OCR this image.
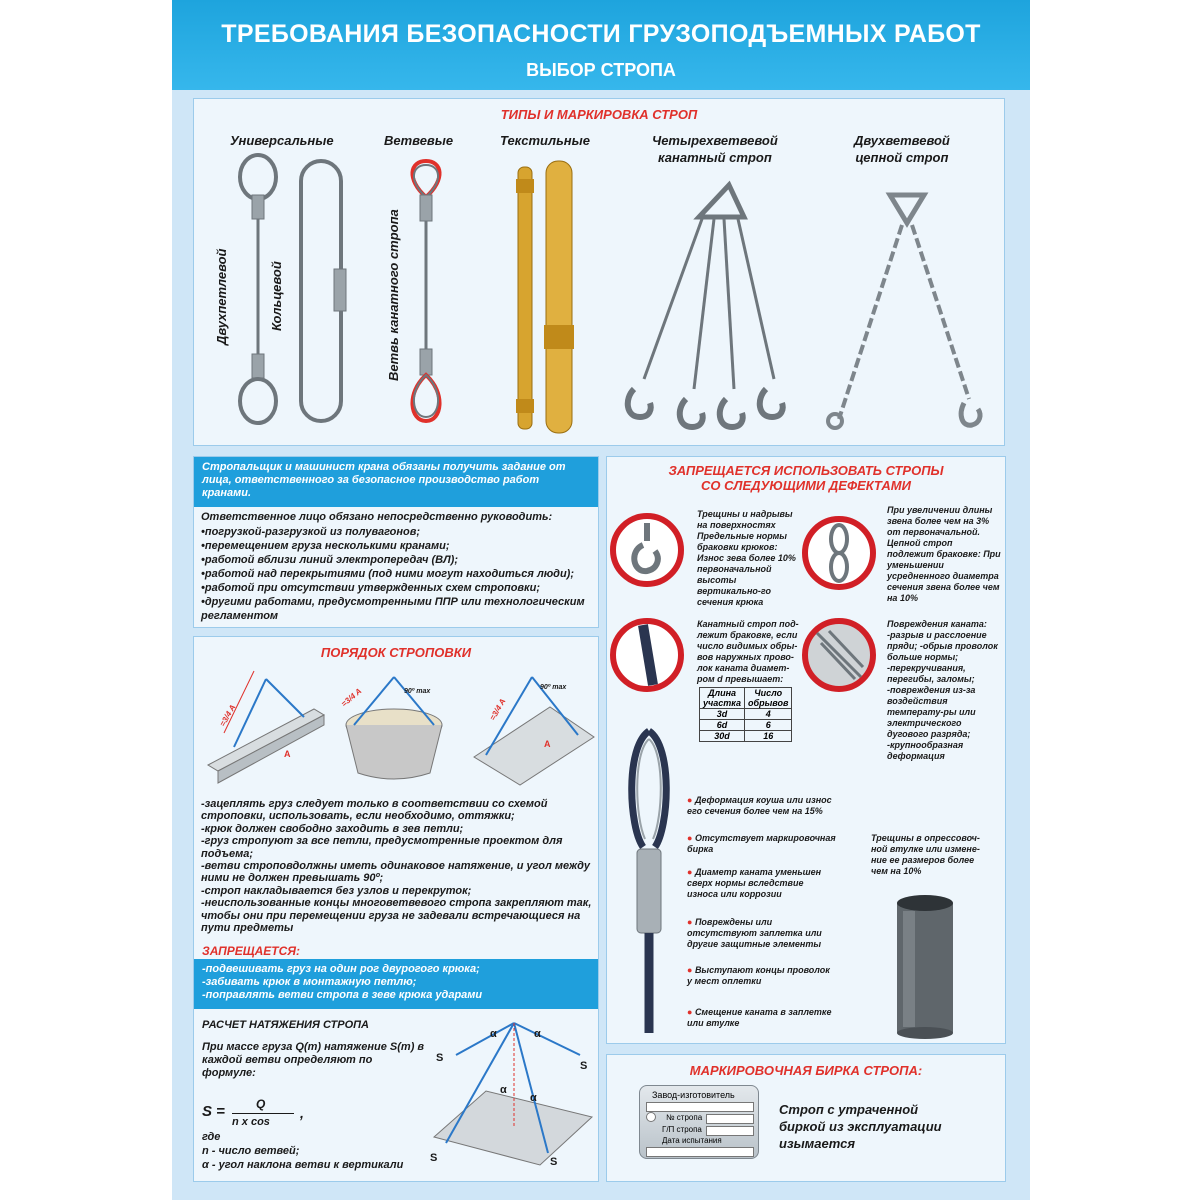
ТРЕБОВАНИЯ БЕЗОПАСНОСТИ ГРУЗОПОДЪЕМНЫХ РАБОТ
ВЫБОР СТРОПА
ТИПЫ И МАРКИРОВКА СТРОП
Универсальные	Ветвевые	Текстильные	Четырехветвевой
канатный строп
Двухветвевой
цепной строп
Двухпетлевой	Кольцевой	Ветвь канатного стропа
Стропальщик и машинист крана обязаны получить задание от лица, ответственного за безопасное производство работ кранами.
Ответственное лицо обязано непосредственно руководить:
•погрузкой-разгрузкой из полувагонов;
•перемещением груза несколькими кранами;
•работой вблизи линий электропередач (ВЛ);
•работой над перекрытиями (под ними могут находиться люди);
•работой при отсутствии утвержденных схем строповки;
•другими работами, предусмотренными ППР или технологическим регламентом
ПОРЯДОК СТРОПОВКИ
=3/4 A
A
90º max
=3/4 A	90º max
=3/4 A
A
-зацеплять груз следует только в соответствии со схемой строповки, использовать, если необходимо, оттяжки;
-крюк должен свободно заходить в зев петли;
-груз стропуют за все петли, предусмотренные проектом для подъема;
-ветви строповдолжны иметь одинаковое натяжение, и угол между ними не должен превышать 90º;
-строп накладывается без узлов и перекруток;
-неиспользованные концы многоветвевого стропа закрепляют так, чтобы они при перемещении груза не задевали встречающиеся на пути предметы
ЗАПРЕЩАЕТСЯ:
-подвешивать груз на один рог двурогого крюка;
-забивать крюк в монтажную петлю;
-поправлять ветви стропа в зеве крюка ударами
РАСЧЕТ НАТЯЖЕНИЯ СТРОПА
При массе груза Q(т) натяжение S(т) в каждой ветви определяют по формуле:
S =	Q
n x cos
,
где
n - число ветвей;
α - угол наклона ветви к вертикали
α	α
α
α
S
S
S	S
ЗАПРЕЩАЕТСЯ ИСПОЛЬЗОВАТЬ СТРОПЫ
СО СЛЕДУЮЩИМИ ДЕФЕКТАМИ
Трещины и надрывы на поверхностях Предельные нормы браковки крюков: Износ зева более 10% первоначальной высоты вертикально-го сечения крюка
При увеличении длины звена более чем на 3% от первоначальной. Цепной строп подлежит браковке: При уменьшении усредненного диаметра сечения звена более чем на 10%
Канатный строп под-лежит браковке, если число видимых обры-вов наружных прово-лок каната диамет-ром d превышает:
Длина участка	Число обрывов
3d	4
6d	6
30d	16
Повреждения каната: -разрыв и расслоение пряди; -обрыв проволок больше нормы; -перекручивания, перегибы, заломы; -повреждения из-за воздействия температу-ры или электрического дугового разряда; -крупнообразная деформация
● Деформация коуша или износ его сечения более чем на 15%
● Отсутствует маркировочная бирка
● Диаметр каната уменьшен сверх нормы вследствие износа или коррозии
● Повреждены или отсутствуют заплетка или другие защитные элементы
● Выступают концы проволок у мест оплетки
● Смещение каната в заплетке или втулке
Трещины в опрессовоч-ной втулке или измене-ние ее размеров более чем на 10%
МАРКИРОВОЧНАЯ БИРКА СТРОПА:
Строп с утраченной биркой из эксплуатации изымается
Завод-изготовитель
№ стропа
Г/П стропа
Дата испытания
